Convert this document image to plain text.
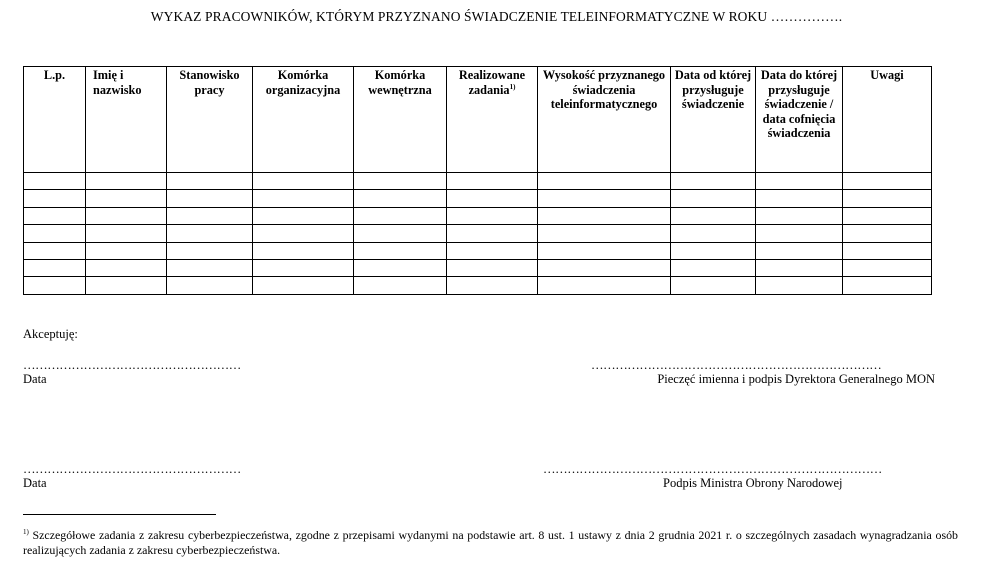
WYKAZ PRACOWNIKÓW, KTÓRYM PRZYZNANO ŚWIADCZENIE TELEINFORMATYCZNE W ROKU …………….
L.p.	Imię i nazwisko	Stanowisko pracy	Komórka organizacyjna	Komórka wewnętrzna	Realizowane zadania$^{1)}$	Wysokość przyznanego świadczenia teleinformatycznego	Data od której przysługuje świadczenie	Data do której przysługuje świadczenie / data cofnięcia świadczenia	Uwagi

Akceptuję:
………………………………………………
Data
………………………………………………………………
Pieczęć imienna i podpis Dyrektora Generalnego MON
………………………………………………
Data
…………………………………………………………………………
Podpis Ministra Obrony Narodowej
$^{1)}$ Szczegółowe zadania z zakresu cyberbezpieczeństwa, zgodne z przepisami wydanymi na podstawie art. 8 ust. 1 ustawy z dnia 2 grudnia 2021 r. o szczególnych zasadach wynagradzania osób realizujących zadania z zakresu cyberbezpieczeństwa.
